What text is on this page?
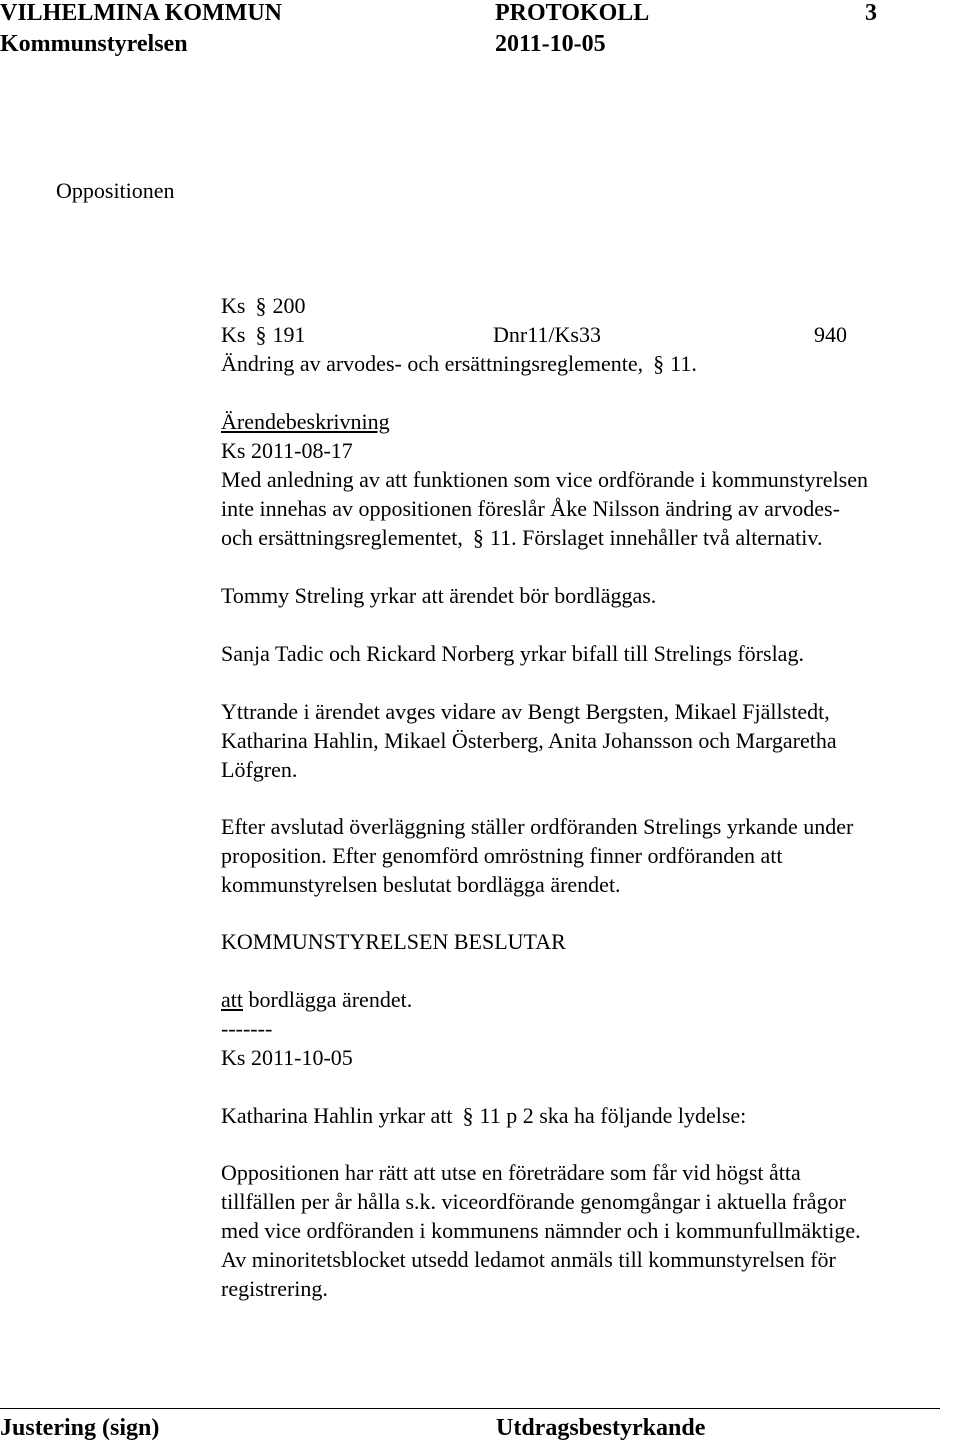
VILHELMINA KOMMUN	PROTOKOLL	3
Kommunstyrelsen	2011-10-05
Oppositionen
Ks § 200
Ks § 191	Dnr11/Ks33	940
Ändring av arvodes- och ersättningsreglemente, § 11.
Ärendebeskrivning
Ks 2011-08-17
Med anledning av att funktionen som vice ordförande i kommunstyrelsen
inte innehas av oppositionen föreslår Åke Nilsson ändring av arvodes-
och ersättningsreglementet, § 11. Förslaget innehåller två alternativ.
Tommy Streling yrkar att ärendet bör bordläggas.
Sanja Tadic och Rickard Norberg yrkar bifall till Strelings förslag.
Yttrande i ärendet avges vidare av Bengt Bergsten, Mikael Fjällstedt,
Katharina Hahlin, Mikael Österberg, Anita Johansson och Margaretha
Löfgren.
Efter avslutad överläggning ställer ordföranden Strelings yrkande under
proposition. Efter genomförd omröstning finner ordföranden att
kommunstyrelsen beslutat bordlägga ärendet.
KOMMUNSTYRELSEN BESLUTAR
att bordlägga ärendet.
-------
Ks 2011-10-05
Katharina Hahlin yrkar att § 11 p 2 ska ha följande lydelse:
Oppositionen har rätt att utse en företrädare som får vid högst åtta
tillfällen per år hålla s.k. viceordförande genomgångar i aktuella frågor
med vice ordföranden i kommunens nämnder och i kommunfullmäktige.
Av minoritetsblocket utsedd ledamot anmäls till kommunstyrelsen för
registrering.
Justering (sign)	Utdragsbestyrkande
